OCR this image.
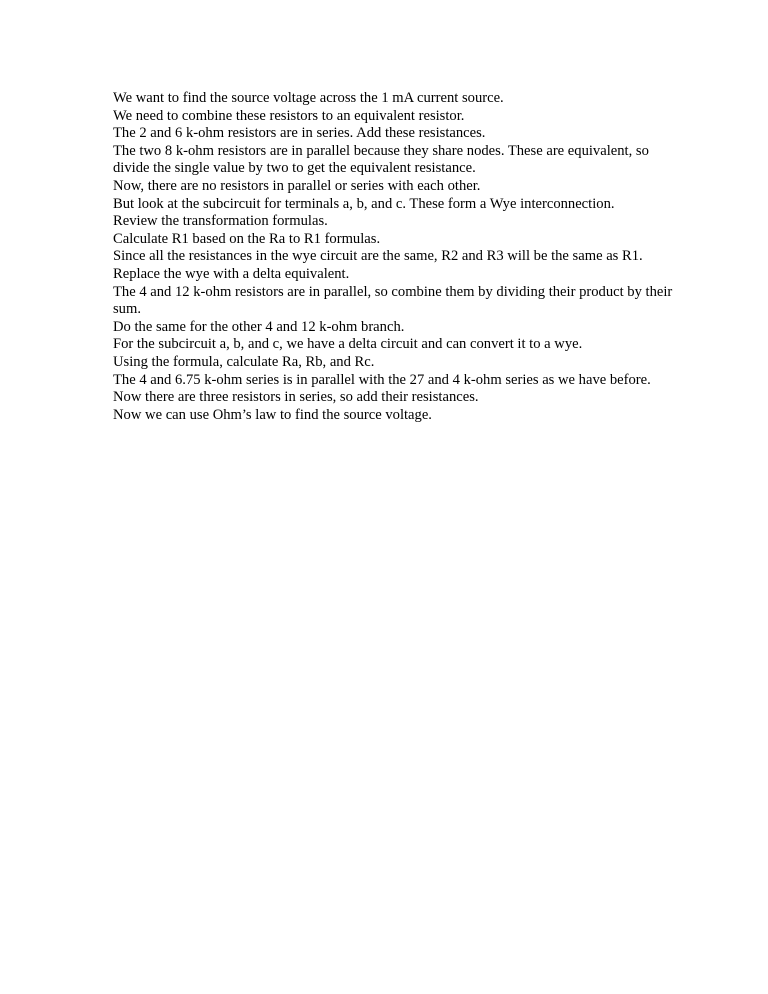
We want to find the source voltage across the 1 mA current source.

We need to combine these resistors to an equivalent resistor.

The 2 and 6 k-ohm resistors are in series. Add these resistances.

The two 8 k-ohm resistors are in parallel because they share nodes. These are equivalent, so divide the single value by two to get the equivalent resistance.

Now, there are no resistors in parallel or series with each other.

But look at the subcircuit for terminals a, b, and c. These form a Wye interconnection.

Review the transformation formulas.

Calculate R1 based on the Ra to R1 formulas.

Since all the resistances in the wye circuit are the same, R2 and R3 will be the same as R1.

Replace the wye with a delta equivalent.

The 4 and 12 k-ohm resistors are in parallel, so combine them by dividing their product by their sum.

Do the same for the other 4 and 12 k-ohm branch.

For the subcircuit a, b, and c, we have a delta circuit and can convert it to a wye.

Using the formula, calculate Ra, Rb, and Rc.

The 4 and 6.75 k-ohm series is in parallel with the 27 and 4 k-ohm series as we have before.

Now there are three resistors in series, so add their resistances.

Now we can use Ohm’s law to find the source voltage.
